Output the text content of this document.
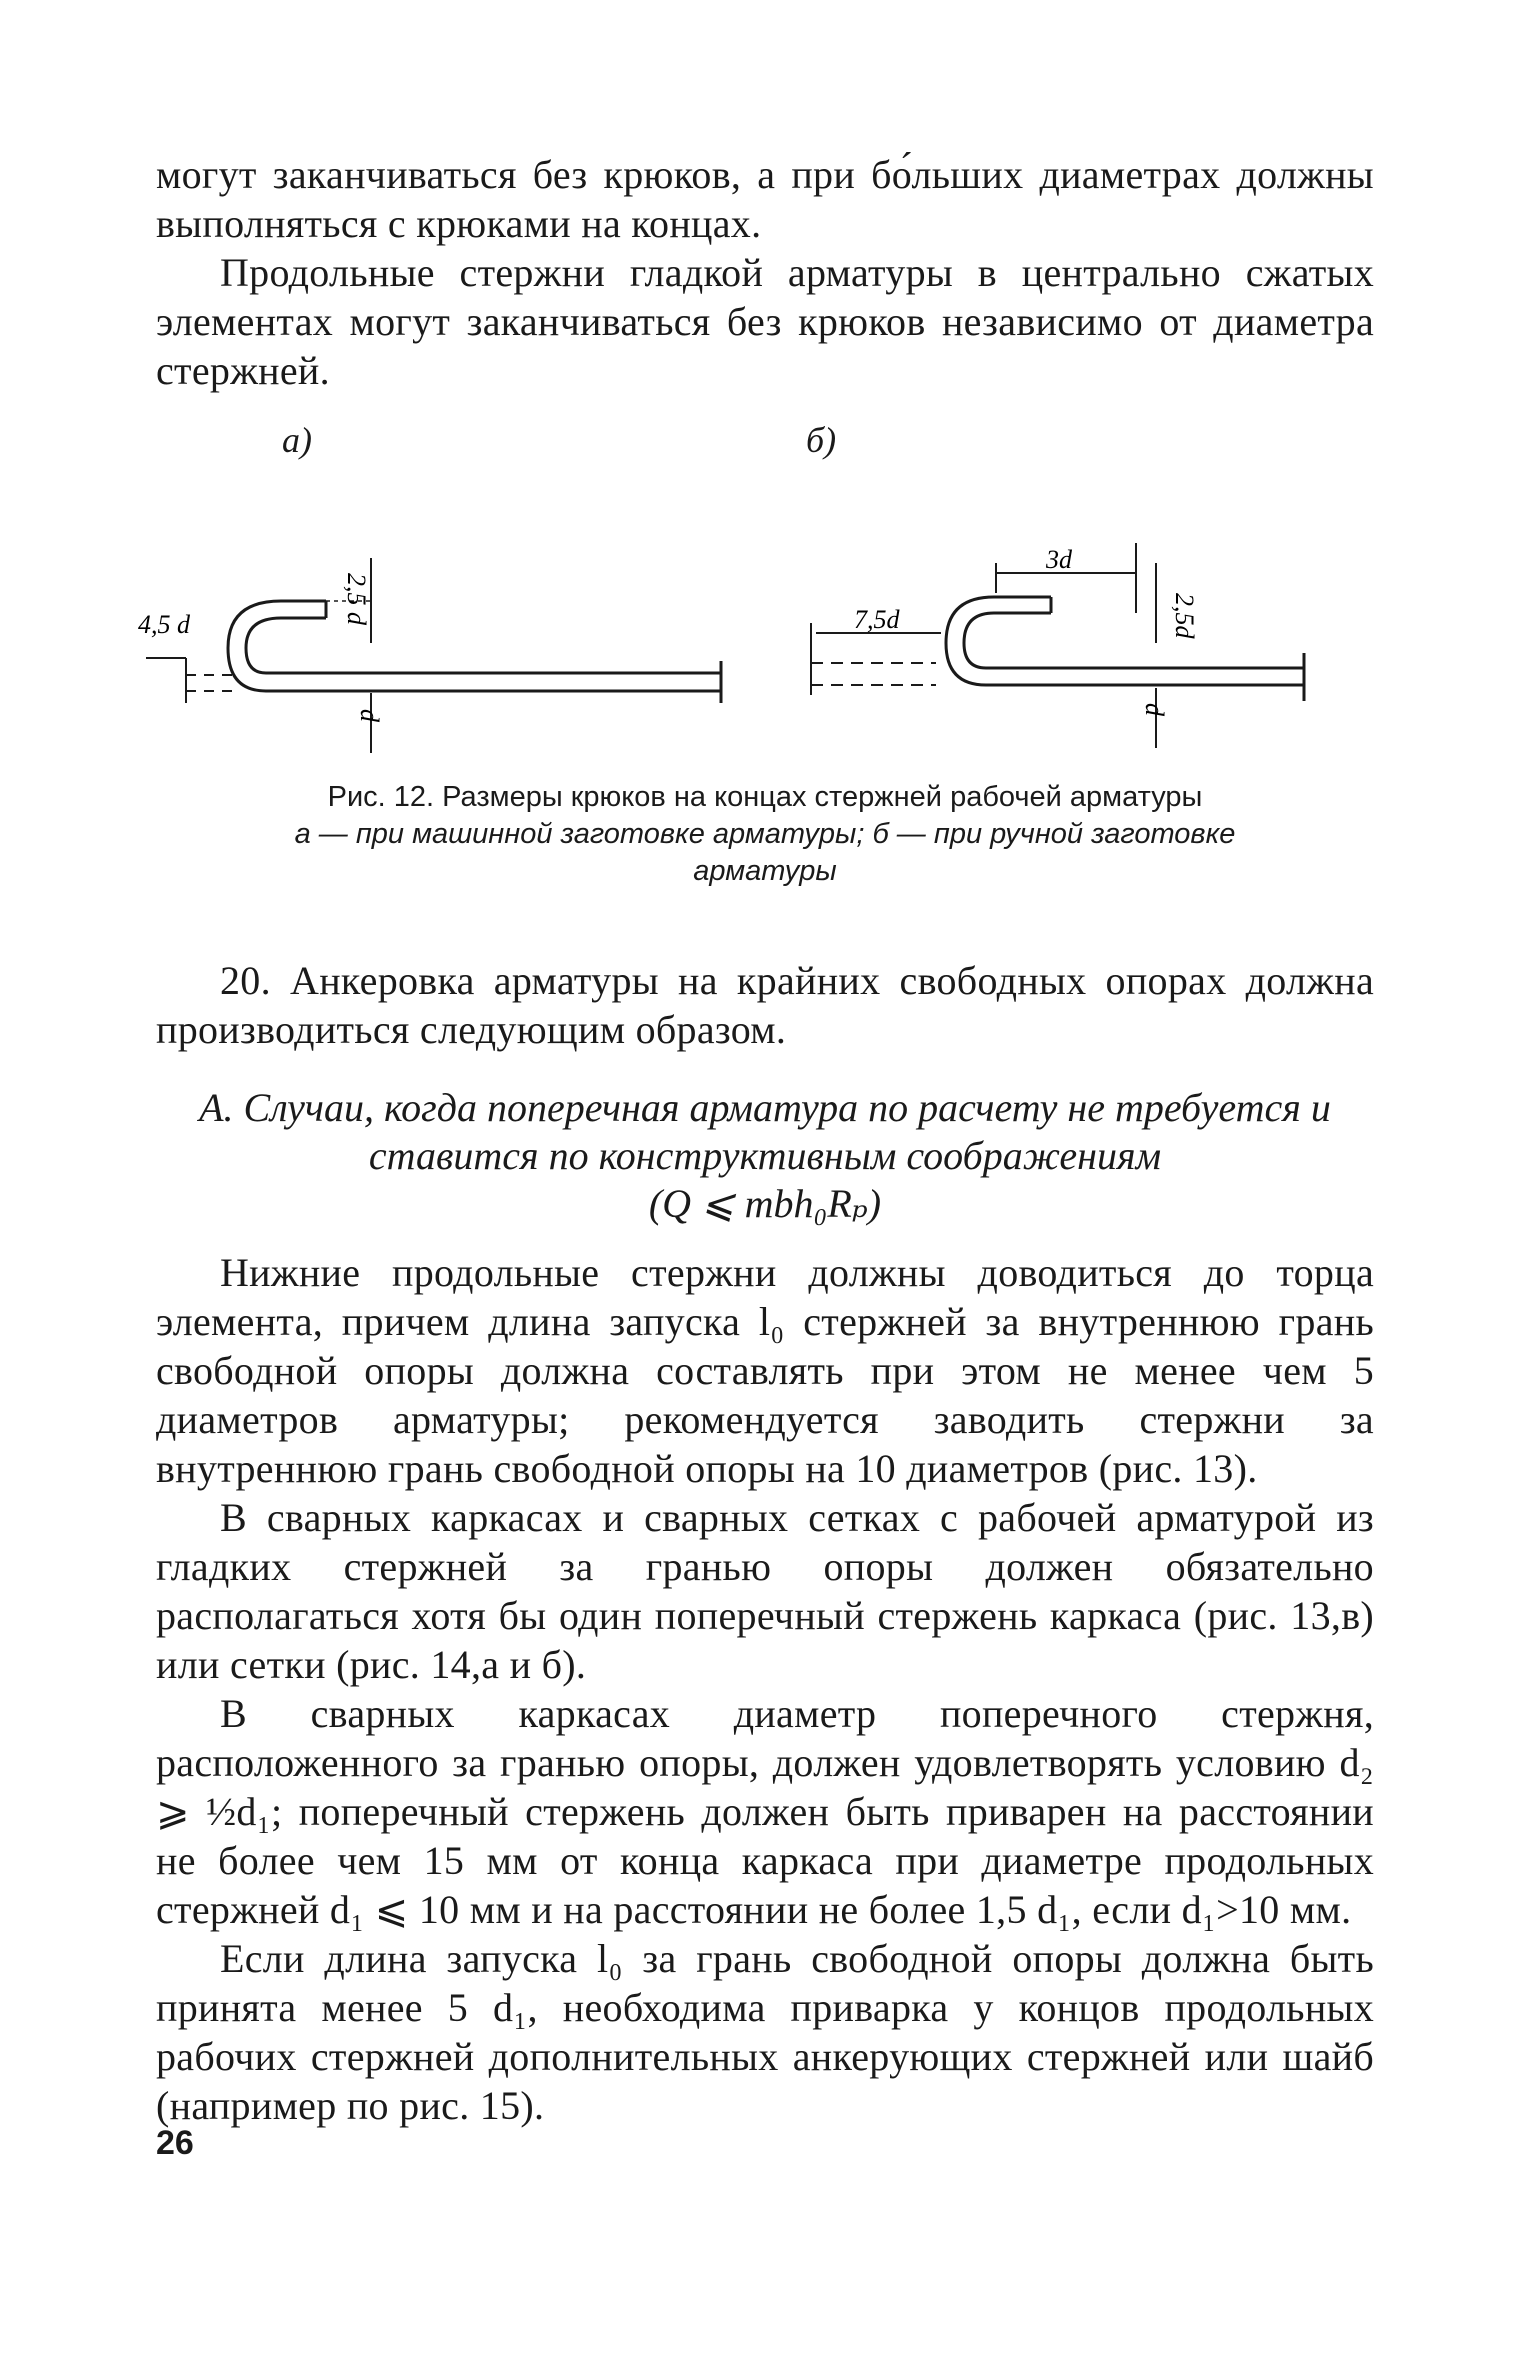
могут заканчиваться без крюков, а при бо́льших диаметрах должны выполняться с крюками на концах.

Продольные стержни гладкой арматуры в центрально сжатых элементах могут заканчиваться без крюков независимо от диаметра стержней.

а)	б)
4,5 d	2,5 d
d
3d
7,5d	2,5d
d
Рис. 12. Размеры крюков на концах стержней рабочей арматуры
а — при машинной заготовке арматуры; б — при ручной заготовке арматуры

20. Анкеровка арматуры на крайних свободных опорах должна производиться следующим образом.

А. Случаи, когда поперечная арматура по расчету не требуется и ставится по конструктивным соображениям
(Q ⩽ mbh₀Rₚ)

Нижние продольные стержни должны доводиться до торца элемента, причем длина запуска l₀ стержней за внутреннюю грань свободной опоры должна составлять при этом не менее чем 5 диаметров арматуры; рекомендуется заводить стержни за внутреннюю грань свободной опоры на 10 диаметров (рис. 13).

В сварных каркасах и сварных сетках с рабочей арматурой из гладких стержней за гранью опоры должен обязательно располагаться хотя бы один поперечный стержень каркаса (рис. 13,в) или сетки (рис. 14,а и б).

В сварных каркасах диаметр поперечного стержня, расположенного за гранью опоры, должен удовлетворять условию d₂ ⩾ ½d₁; поперечный стержень должен быть приварен на расстоянии не более чем 15 мм от конца каркаса при диаметре продольных стержней d₁ ⩽ 10 мм и на расстоянии не более 1,5 d₁, если d₁>10 мм.

Если длина запуска l₀ за грань свободной опоры должна быть принята менее 5 d₁, необходима приварка у концов продольных рабочих стержней дополнительных анкерующих стержней или шайб (например по рис. 15).

26
